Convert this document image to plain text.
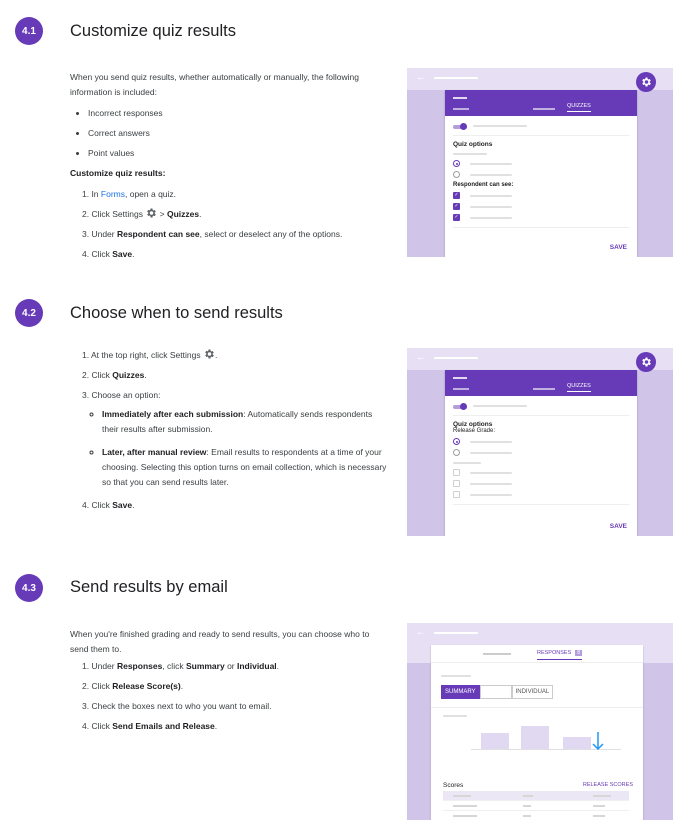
4.1	Customize quiz results

When you send quiz results, whether automatically or manually, the following information is included:

• Incorrect responses
• Correct answers
• Point values

Customize quiz results:

1. In Forms, open a quiz.
2. Click Settings  > Quizzes.
3. Under Respondent can see, select or deselect any of the options.
4. Click Save.
←
QUIZZES
Quiz options
Respondent can see:
✓
✓
✓
SAVE
4.2	Choose when to send results
1. At the top right, click Settings .
2. Click Quizzes.
3. Choose an option:
◦ Immediately after each submission: Automatically sends respondents their results after submission.
◦ Later, after manual review: Email results to respondents at a time of your choosing. Selecting this option turns on email collection, which is necessary so that you can send results later.
4. Click Save.
←
QUIZZES
Quiz options
Release Grade:
SAVE
4.3	Send results by email

When you're finished grading and ready to send results, you can choose who to send them to.

1. Under Responses, click Summary or Individual.
2. Click Release Score(s).
3. Check the boxes next to who you want to email.
4. Click Send Emails and Release.
←
RESPONSES 8
SUMMARY	INDIVIDUAL
Scores	RELEASE SCORES
